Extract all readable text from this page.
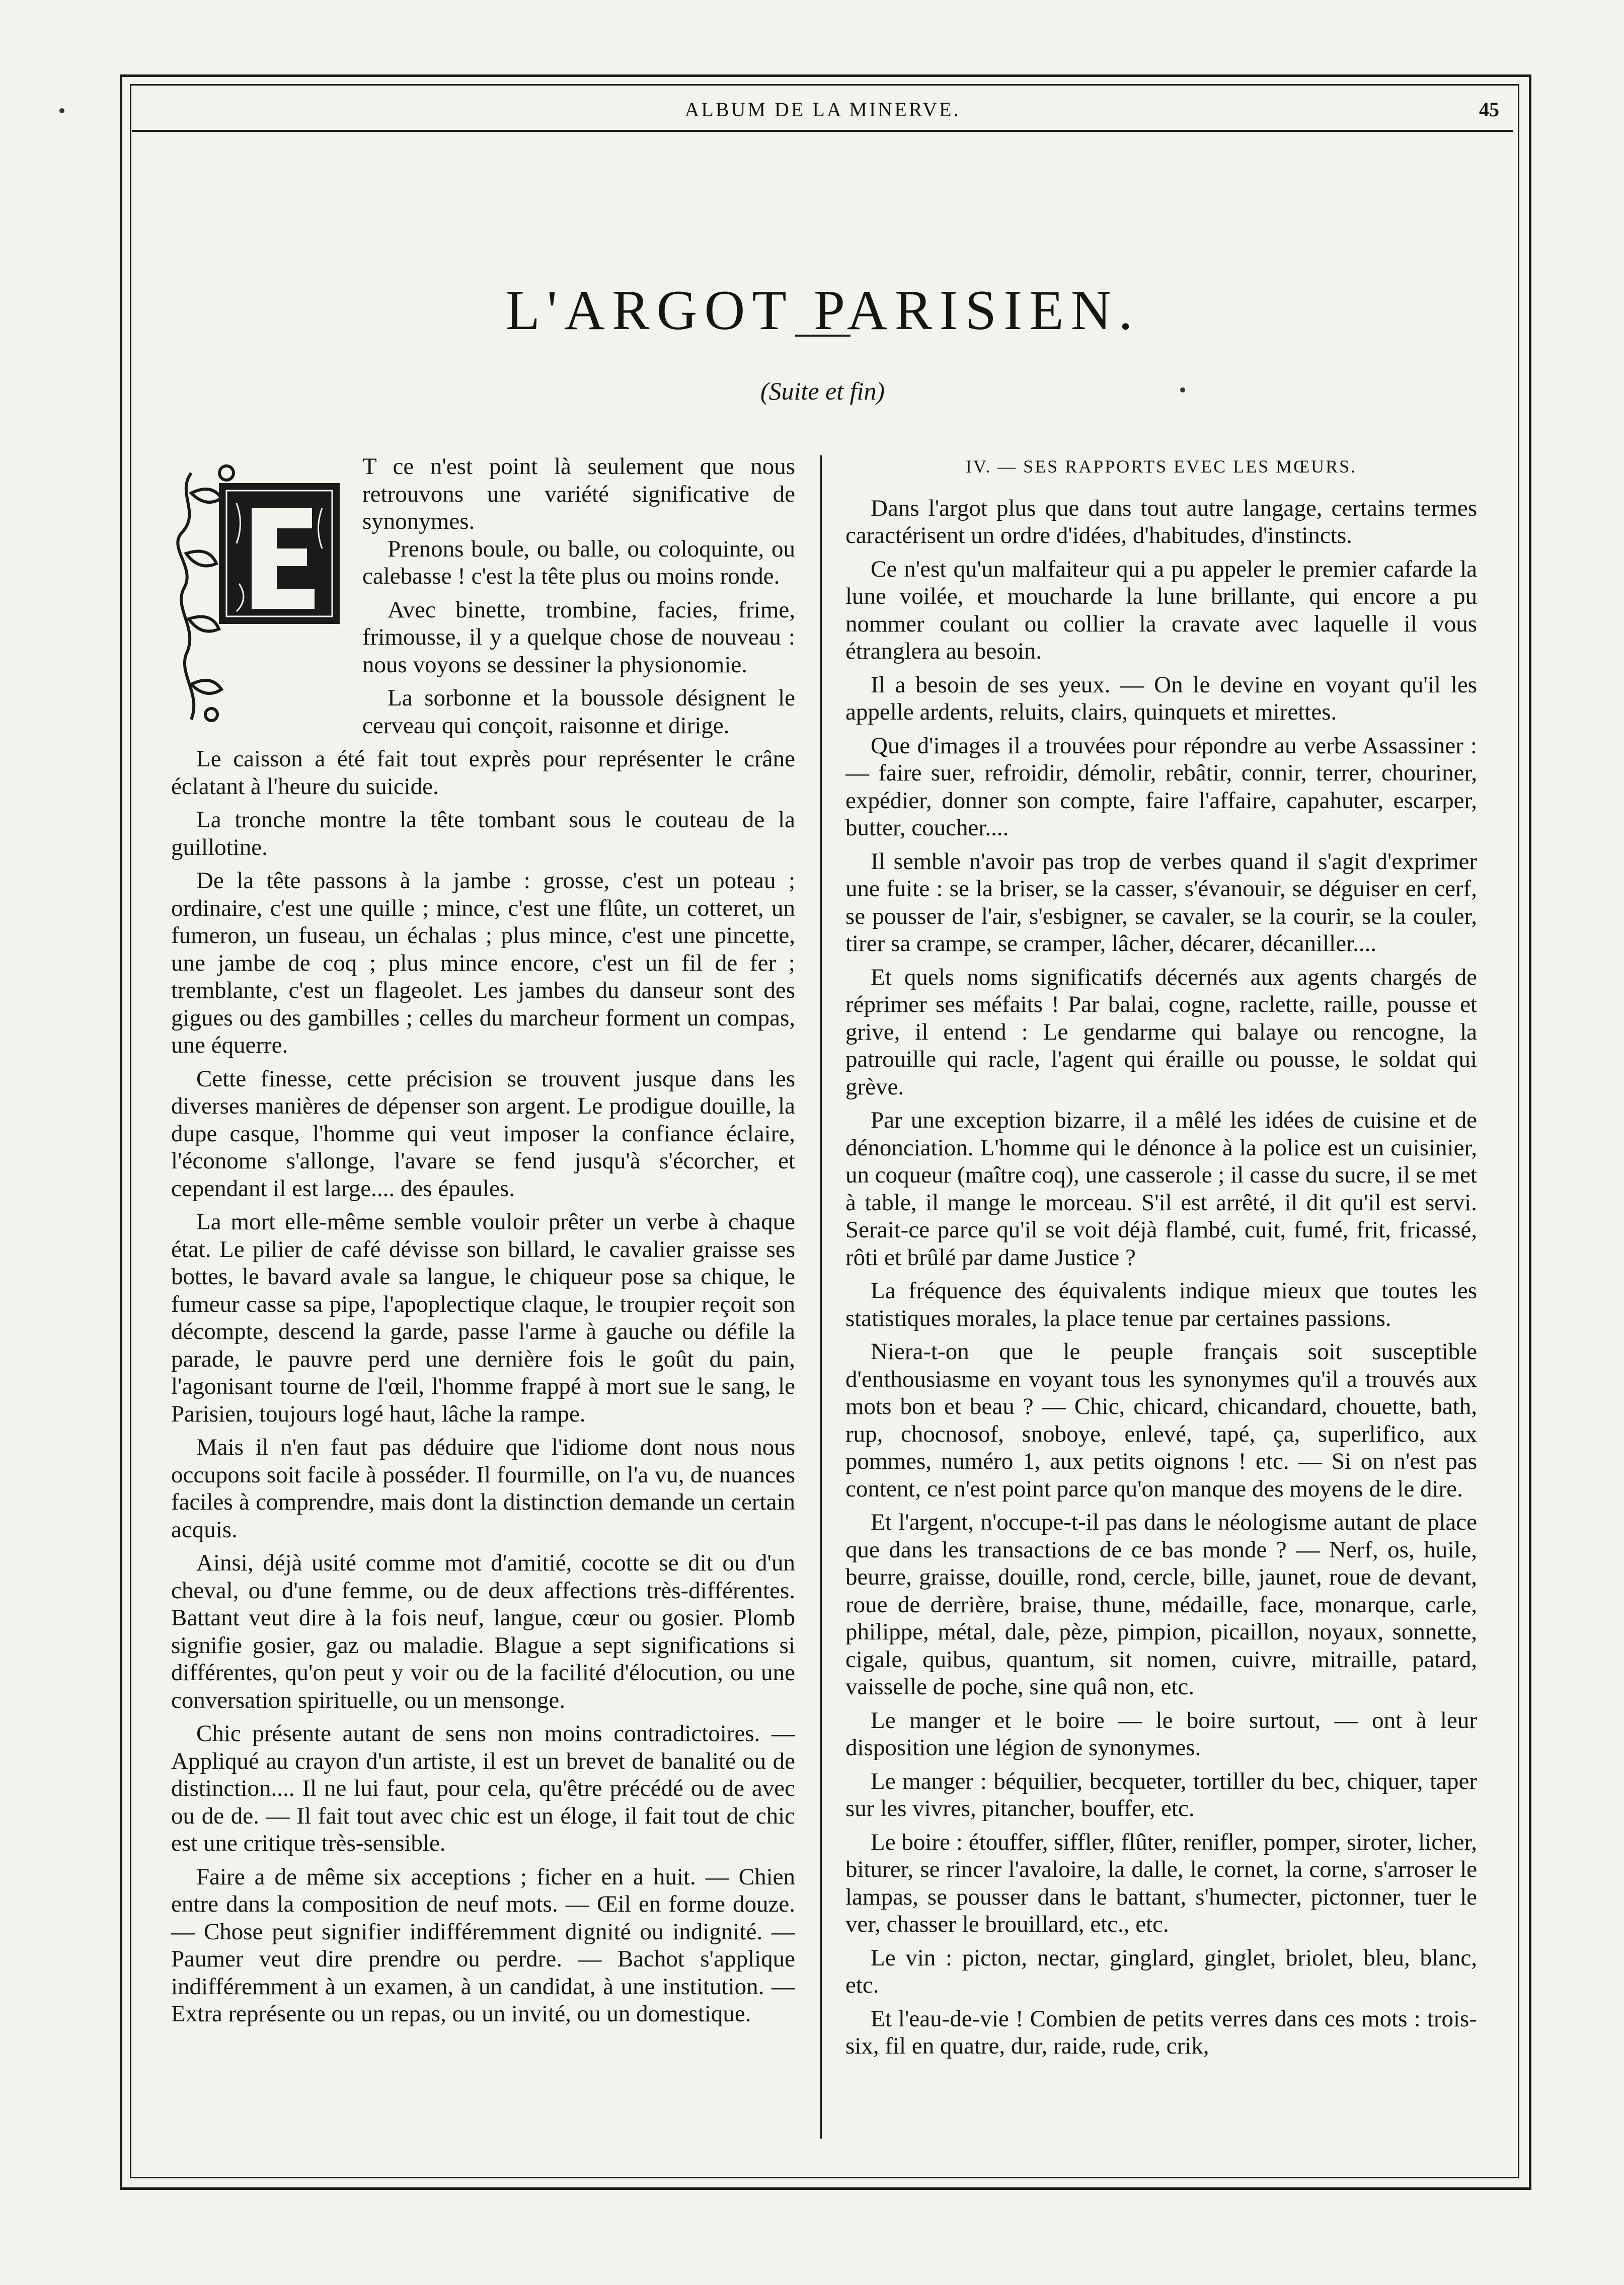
ALBUM DE LA MINERVE.	45
L'ARGOT PARISIEN.
(Suite et fin)

T ce n'est point là seulement que nous retrouvons une variété significative de synonymes.

Prenons boule, ou balle, ou coloquinte, ou calebasse ! c'est la tête plus ou moins ronde.

Avec binette, trombine, facies, frime, frimousse, il y a quelque chose de nouveau : nous voyons se dessiner la physionomie.

La sorbonne et la boussole désignent le cerveau qui conçoit, raisonne et dirige.

Le caisson a été fait tout exprès pour représenter le crâne éclatant à l'heure du suicide.

La tronche montre la tête tombant sous le couteau de la guillotine.

De la tête passons à la jambe : grosse, c'est un poteau ; ordinaire, c'est une quille ; mince, c'est une flûte, un cotteret, un fumeron, un fuseau, un échalas ; plus mince, c'est une pincette, une jambe de coq ; plus mince encore, c'est un fil de fer ; tremblante, c'est un flageolet. Les jambes du danseur sont des gigues ou des gambilles ; celles du marcheur forment un compas, une équerre.

Cette finesse, cette précision se trouvent jusque dans les diverses manières de dépenser son argent. Le prodigue douille, la dupe casque, l'homme qui veut imposer la confiance éclaire, l'économe s'allonge, l'avare se fend jusqu'à s'écorcher, et cependant il est large.... des épaules.

La mort elle-même semble vouloir prêter un verbe à chaque état. Le pilier de café dévisse son billard, le cavalier graisse ses bottes, le bavard avale sa langue, le chiqueur pose sa chique, le fumeur casse sa pipe, l'apoplectique claque, le troupier reçoit son décompte, descend la garde, passe l'arme à gauche ou défile la parade, le pauvre perd une dernière fois le goût du pain, l'agonisant tourne de l'œil, l'homme frappé à mort sue le sang, le Parisien, toujours logé haut, lâche la rampe.

Mais il n'en faut pas déduire que l'idiome dont nous nous occupons soit facile à posséder. Il fourmille, on l'a vu, de nuances faciles à comprendre, mais dont la distinction demande un certain acquis.

Ainsi, déjà usité comme mot d'amitié, cocotte se dit ou d'un cheval, ou d'une femme, ou de deux affections très-différentes. Battant veut dire à la fois neuf, langue, cœur ou gosier. Plomb signifie gosier, gaz ou maladie. Blague a sept significations si différentes, qu'on peut y voir ou de la facilité d'élocution, ou une conversation spirituelle, ou un mensonge.

Chic présente autant de sens non moins contradictoires. — Appliqué au crayon d'un artiste, il est un brevet de banalité ou de distinction.... Il ne lui faut, pour cela, qu'être précédé ou de avec ou de de. — Il fait tout avec chic est un éloge, il fait tout de chic est une critique très-sensible.

Faire a de même six acceptions ; ficher en a huit. — Chien entre dans la composition de neuf mots. — Œil en forme douze. — Chose peut signifier indifféremment dignité ou indignité. — Paumer veut dire prendre ou perdre. — Bachot s'applique indifféremment à un examen, à un candidat, à une institution. — Extra représente ou un repas, ou un invité, ou un domestique.

IV. — SES RAPPORTS EVEC LES MŒURS.

Dans l'argot plus que dans tout autre langage, certains termes caractérisent un ordre d'idées, d'habitudes, d'instincts.

Ce n'est qu'un malfaiteur qui a pu appeler le premier cafarde la lune voilée, et moucharde la lune brillante, qui encore a pu nommer coulant ou collier la cravate avec laquelle il vous étranglera au besoin.

Il a besoin de ses yeux. — On le devine en voyant qu'il les appelle ardents, reluits, clairs, quinquets et mirettes.

Que d'images il a trouvées pour répondre au verbe Assassiner : — faire suer, refroidir, démolir, rebâtir, connir, terrer, chouriner, expédier, donner son compte, faire l'affaire, capahuter, escarper, butter, coucher....

Il semble n'avoir pas trop de verbes quand il s'agit d'exprimer une fuite : se la briser, se la casser, s'évanouir, se déguiser en cerf, se pousser de l'air, s'esbigner, se cavaler, se la courir, se la couler, tirer sa crampe, se cramper, lâcher, décarer, décaniller....

Et quels noms significatifs décernés aux agents chargés de réprimer ses méfaits ! Par balai, cogne, raclette, raille, pousse et grive, il entend : Le gendarme qui balaye ou rencogne, la patrouille qui racle, l'agent qui éraille ou pousse, le soldat qui grève.

Par une exception bizarre, il a mêlé les idées de cuisine et de dénonciation. L'homme qui le dénonce à la police est un cuisinier, un coqueur (maître coq), une casserole ; il casse du sucre, il se met à table, il mange le morceau. S'il est arrêté, il dit qu'il est servi. Serait-ce parce qu'il se voit déjà flambé, cuit, fumé, frit, fricassé, rôti et brûlé par dame Justice ?

La fréquence des équivalents indique mieux que toutes les statistiques morales, la place tenue par certaines passions.

Niera-t-on que le peuple français soit susceptible d'enthousiasme en voyant tous les synonymes qu'il a trouvés aux mots bon et beau ? — Chic, chicard, chicandard, chouette, bath, rup, chocnosof, snoboye, enlevé, tapé, ça, superlifico, aux pommes, numéro 1, aux petits oignons ! etc. — Si on n'est pas content, ce n'est point parce qu'on manque des moyens de le dire.

Et l'argent, n'occupe-t-il pas dans le néologisme autant de place que dans les transactions de ce bas monde ? — Nerf, os, huile, beurre, graisse, douille, rond, cercle, bille, jaunet, roue de devant, roue de derrière, braise, thune, médaille, face, monarque, carle, philippe, métal, dale, pèze, pimpion, picaillon, noyaux, sonnette, cigale, quibus, quantum, sit nomen, cuivre, mitraille, patard, vaisselle de poche, sine quâ non, etc.

Le manger et le boire — le boire surtout, — ont à leur disposition une légion de synonymes.

Le manger : béquilier, becqueter, tortiller du bec, chiquer, taper sur les vivres, pitancher, bouffer, etc.

Le boire : étouffer, siffler, flûter, renifler, pomper, siroter, licher, biturer, se rincer l'avaloire, la dalle, le cornet, la corne, s'arroser le lampas, se pousser dans le battant, s'humecter, pictonner, tuer le ver, chasser le brouillard, etc., etc.

Le vin : picton, nectar, ginglard, ginglet, briolet, bleu, blanc, etc.

Et l'eau-de-vie ! Combien de petits verres dans ces mots : trois-six, fil en quatre, dur, raide, rude, crik,
